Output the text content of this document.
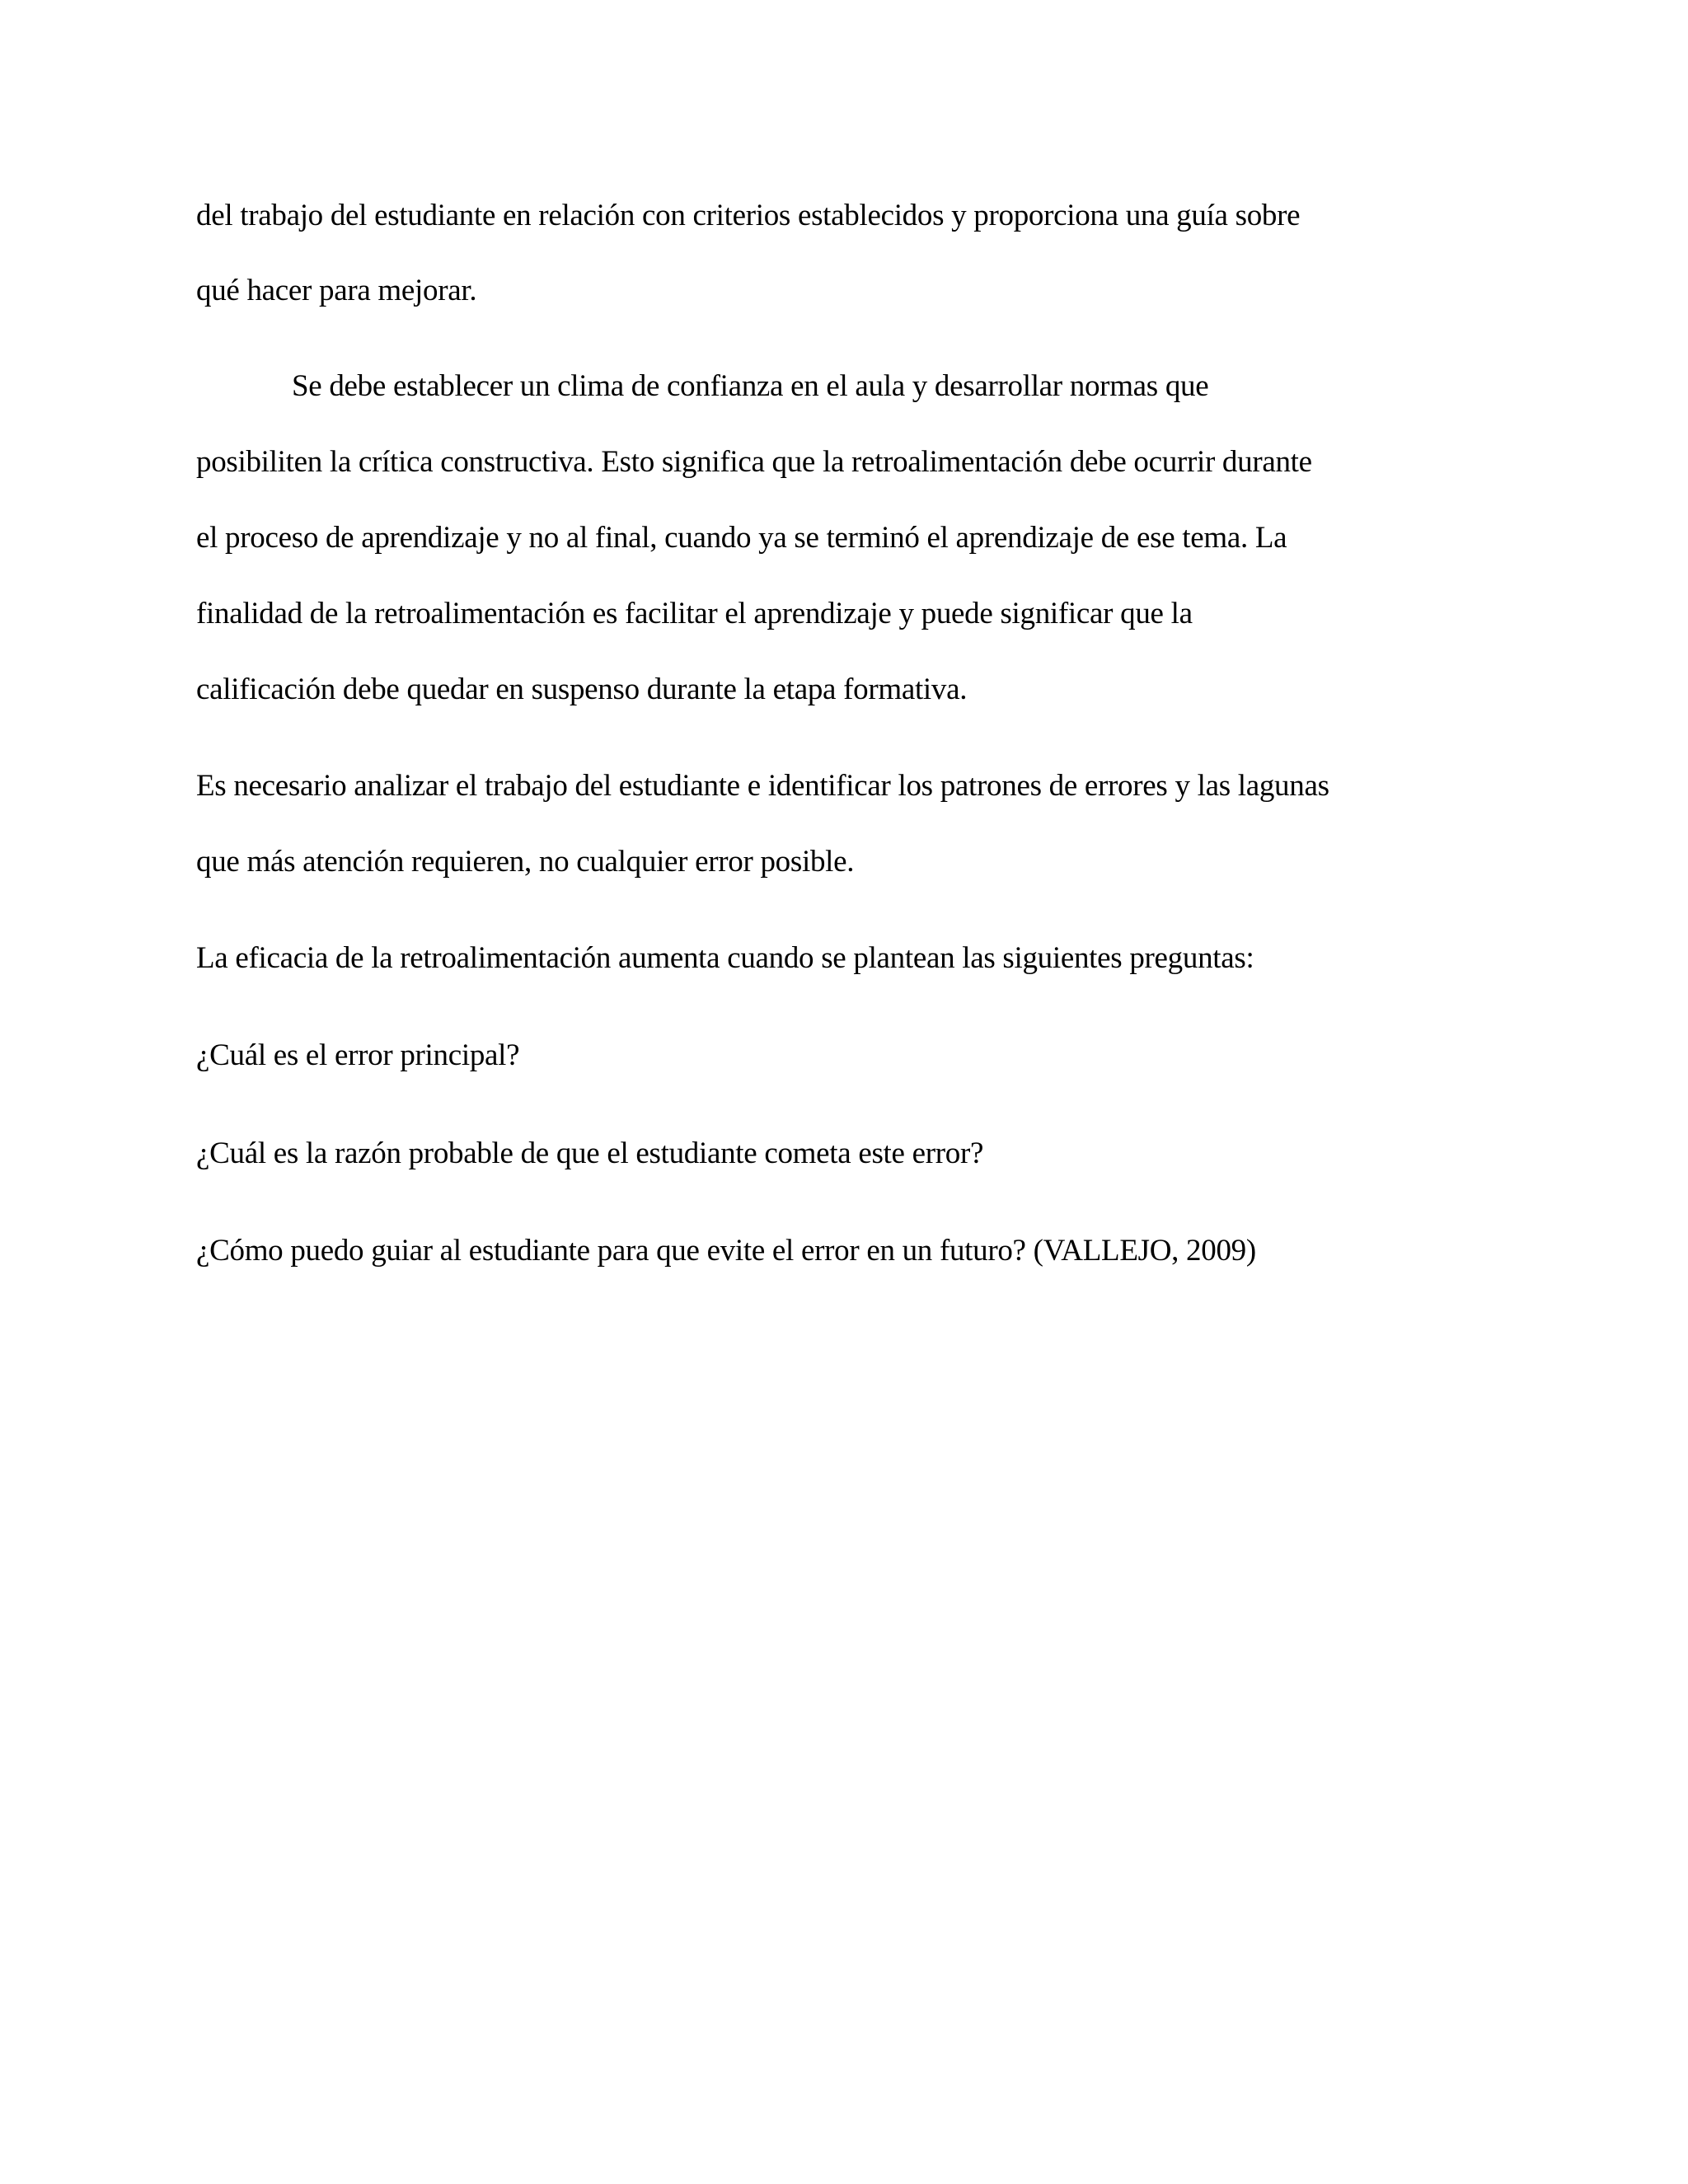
del trabajo del estudiante en relación con criterios establecidos y proporciona una guía sobre
qué hacer para mejorar.
Se debe establecer un clima de confianza en el aula y desarrollar normas que
posibiliten la crítica constructiva. Esto significa que la retroalimentación debe ocurrir durante
el proceso de aprendizaje y no al final, cuando ya se terminó el aprendizaje de ese tema. La
finalidad de la retroalimentación es facilitar el aprendizaje y puede significar que la
calificación debe quedar en suspenso durante la etapa formativa.
Es necesario analizar el trabajo del estudiante e identificar los patrones de errores y las lagunas
que más atención requieren, no cualquier error posible.
La eficacia de la retroalimentación aumenta cuando se plantean las siguientes preguntas:
¿Cuál es el error principal?
¿Cuál es la razón probable de que el estudiante cometa este error?
¿Cómo puedo guiar al estudiante para que evite el error en un futuro? (VALLEJO, 2009)
